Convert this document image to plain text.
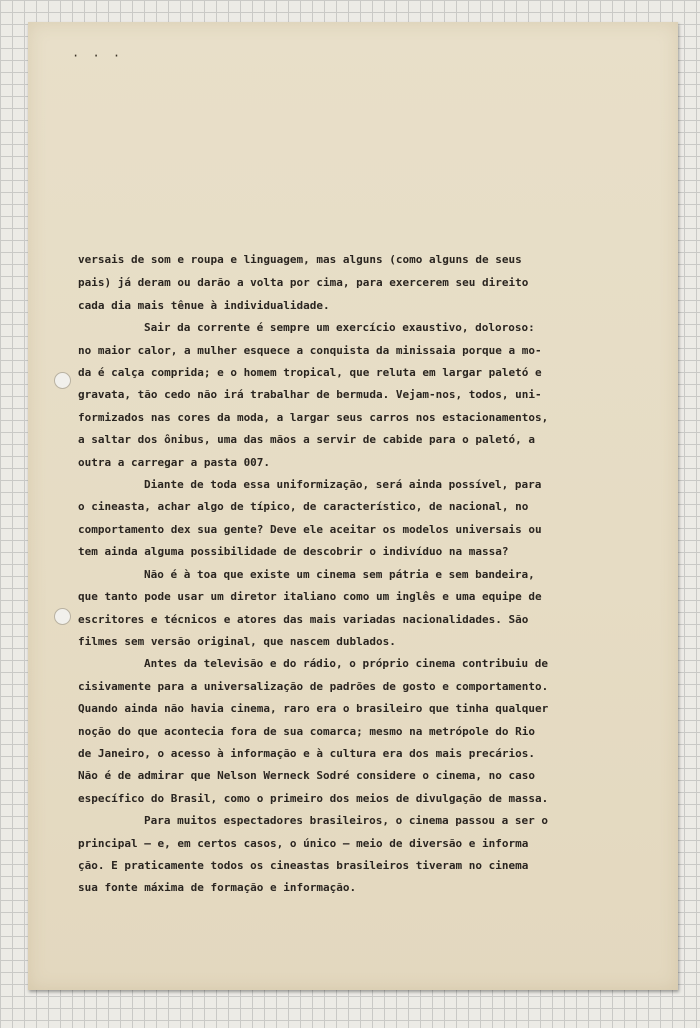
· · ·
versais de som e roupa e linguagem, mas alguns (como alguns de seus
pais) já deram ou darão a volta por cima, para exercerem seu direito
cada dia mais tênue à individualidade.
Sair da corrente é sempre um exercício exaustivo, doloroso:
no maior calor, a mulher esquece a conquista da minissaia porque a mo-
da é calça comprida; e o homem tropical, que reluta em largar paletó e
gravata, tão cedo não irá trabalhar de bermuda. Vejam-nos, todos, uni-
formizados nas cores da moda, a largar seus carros nos estacionamentos,
a saltar dos ônibus, uma das mãos a servir de cabide para o paletó, a
outra a carregar a pasta 007.
Diante de toda essa uniformização, será ainda possível, para
o cineasta, achar algo de típico, de característico, de nacional, no
comportamento dex sua gente? Deve ele aceitar os modelos universais ou
tem ainda alguma possibilidade de descobrir o indivíduo na massa?
Não é à toa que existe um cinema sem pátria e sem bandeira,
que tanto pode usar um diretor italiano como um inglês e uma equipe de
escritores e técnicos e atores das mais variadas nacionalidades. São
filmes sem versão original, que nascem dublados.
Antes da televisão e do rádio, o próprio cinema contribuiu de
cisivamente para a universalização de padrões de gosto e comportamento.
Quando ainda não havia cinema, raro era o brasileiro que tinha qualquer
noção do que acontecia fora de sua comarca; mesmo na metrópole do Rio
de Janeiro, o acesso à informação e à cultura era dos mais precários.
Não é de admirar que Nelson Werneck Sodré considere o cinema, no caso
específico do Brasil, como o primeiro dos meios de divulgação de massa.
Para muitos espectadores brasileiros, o cinema passou a ser o
principal — e, em certos casos, o único — meio de diversão e informa
ção. E praticamente todos os cineastas brasileiros tiveram no cinema
sua fonte máxima de formação e informação.
